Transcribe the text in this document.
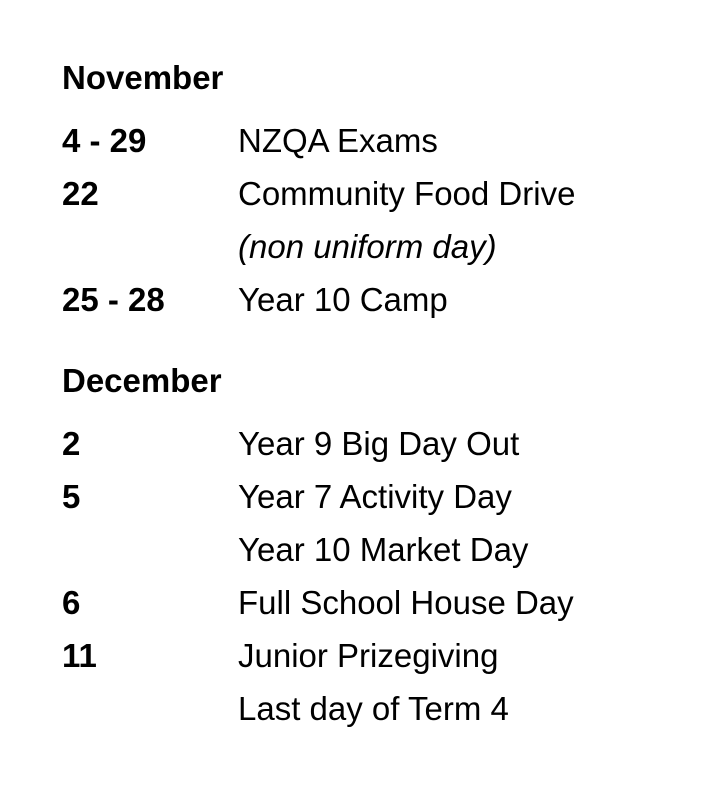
November
4 - 29	NZQA Exams
22	Community Food Drive
(non uniform day)
25 - 28	Year 10 Camp
December
2	Year 9 Big Day Out
5	Year 7 Activity Day
Year 10 Market Day
6	Full School House Day
11	Junior Prizegiving
Last day of Term 4
